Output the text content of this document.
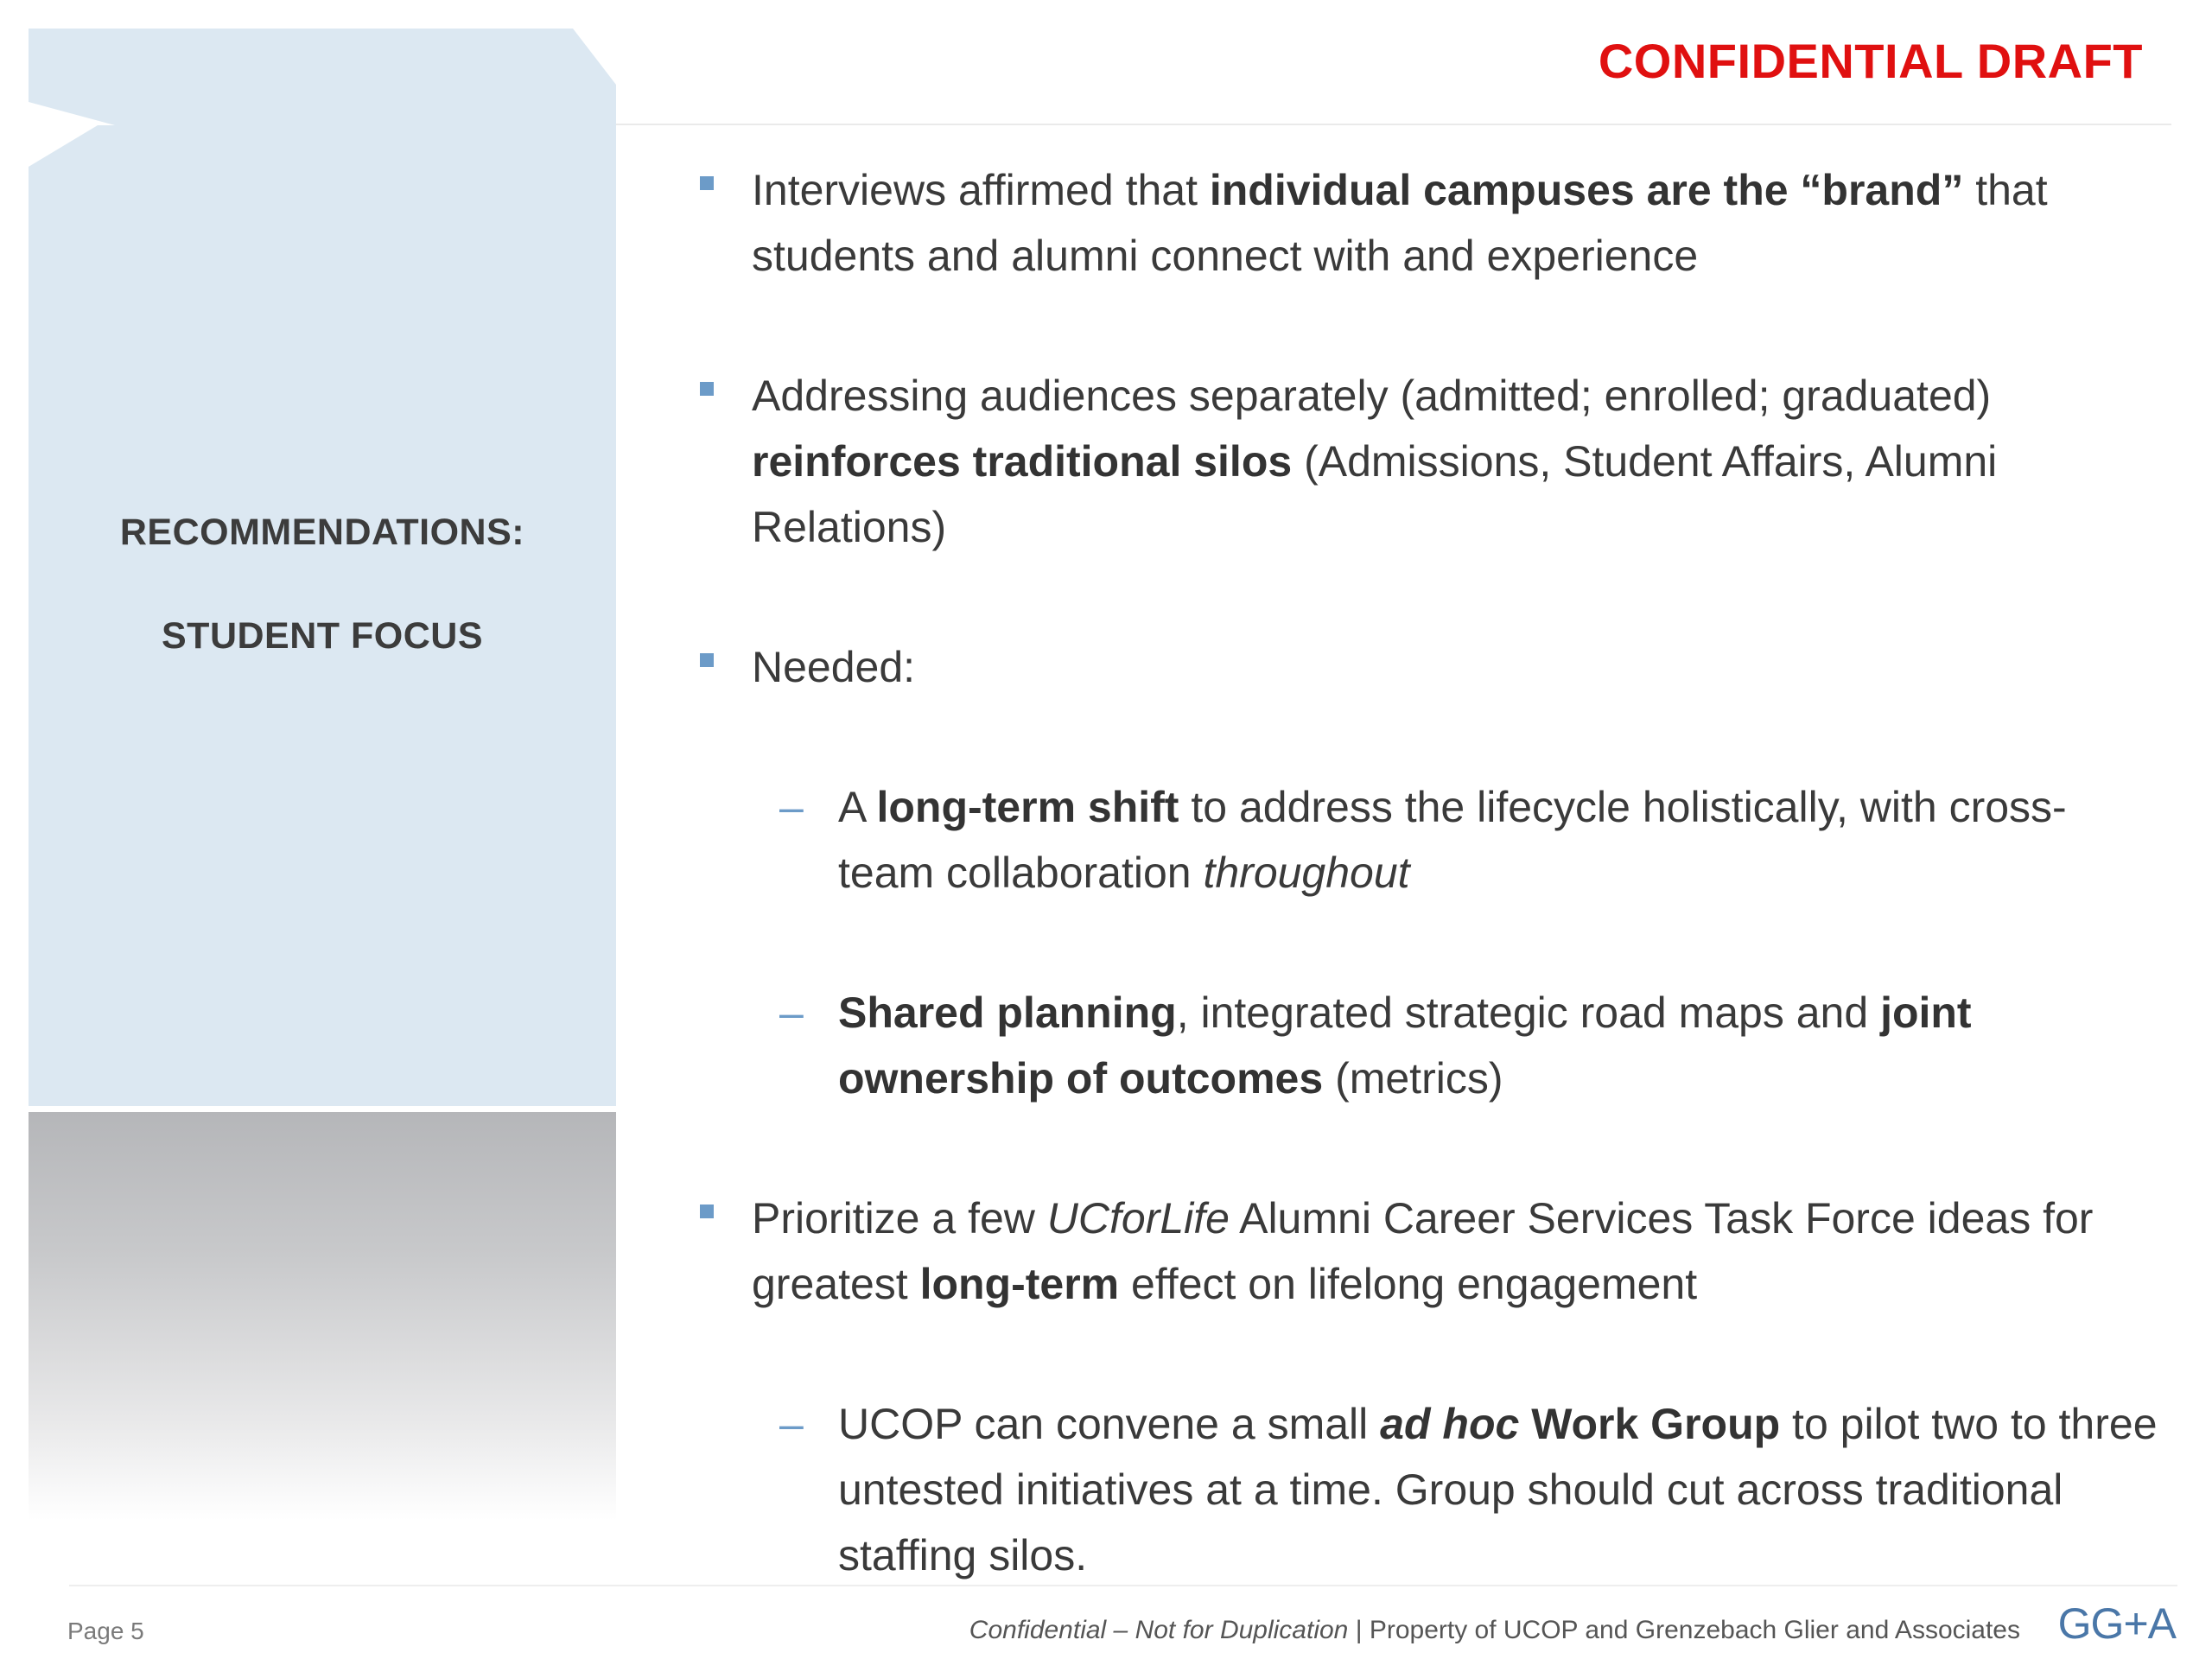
RECOMMENDATIONS:
STUDENT FOCUS
CONFIDENTIAL DRAFT
Interviews affirmed that individual campuses are the “brand” that students and alumni connect with and experience
Addressing audiences separately (admitted; enrolled; graduated) reinforces traditional silos (Admissions, Student Affairs, Alumni Relations)
Needed:
– A long-term shift to address the lifecycle holistically, with cross-team collaboration throughout
– Shared planning, integrated strategic road maps and joint ownership of outcomes (metrics)
Prioritize a few UCforLife Alumni Career Services Task Force ideas for greatest long-term effect on lifelong engagement
– UCOP can convene a small ad hoc Work Group to pilot two to three untested initiatives at a time. Group should cut across traditional staffing silos.
Page 5	Confidential – Not for Duplication | Property of UCOP and Grenzebach Glier and Associates GG+A
